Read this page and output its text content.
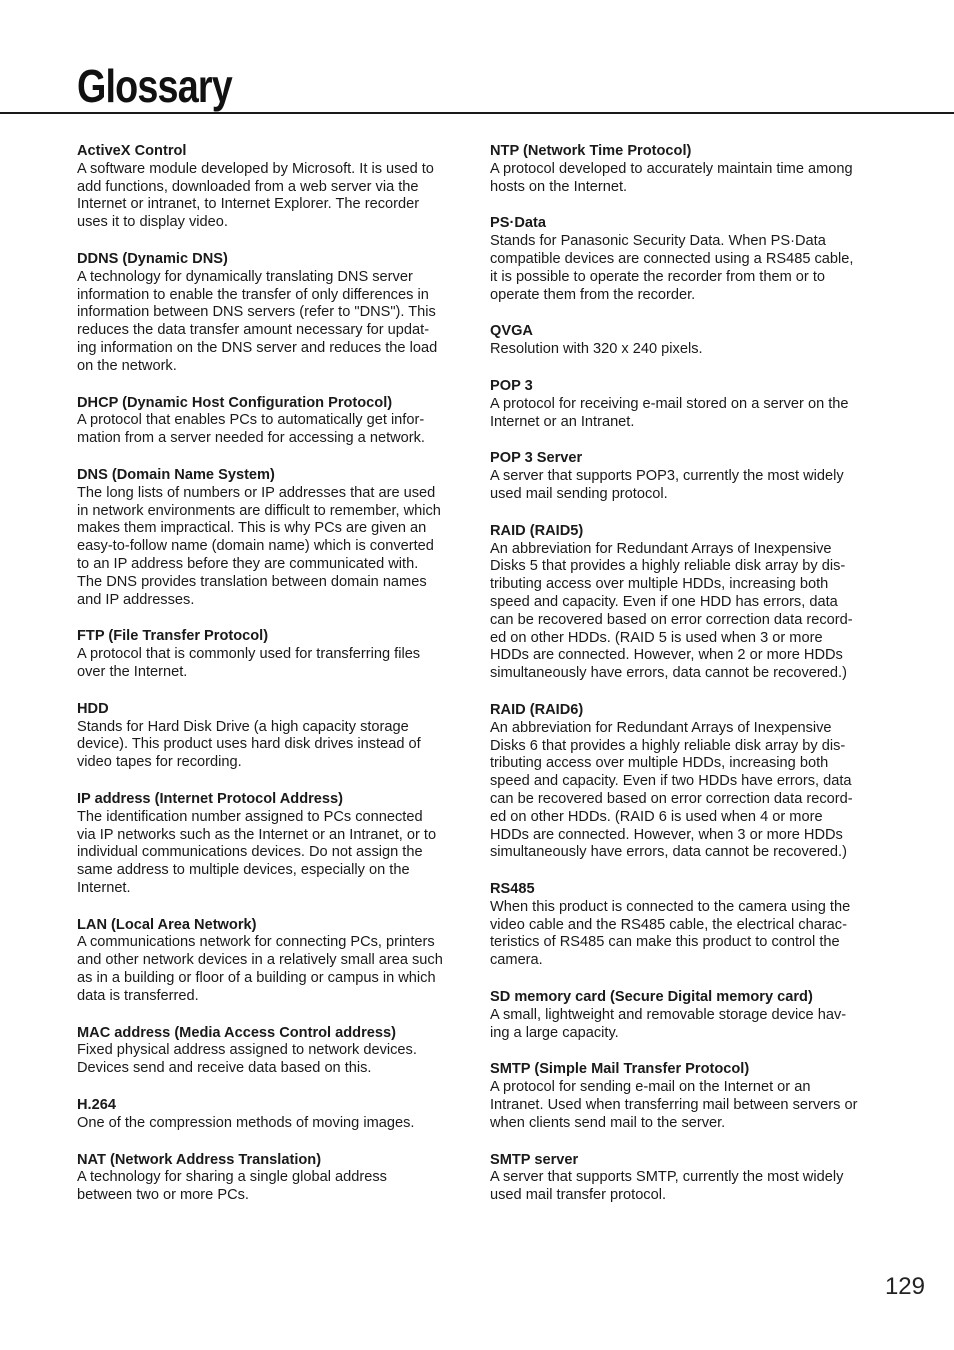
Glossary
ActiveX Control
A software module developed by Microsoft. It is used to
add functions, downloaded from a web server via the
Internet or intranet, to Internet Explorer. The recorder
uses it to display video.
DDNS (Dynamic DNS)
A technology for dynamically translating DNS server
information to enable the transfer of only differences in
information between DNS servers (refer to "DNS"). This
reduces the data transfer amount necessary for updat-
ing information on the DNS server and reduces the load
on the network.
DHCP (Dynamic Host Configuration Protocol)
A protocol that enables PCs to automatically get infor-
mation from a server needed for accessing a network.
DNS (Domain Name System)
The long lists of numbers or IP addresses that are used
in network environments are difficult to remember, which
makes them impractical. This is why PCs are given an
easy-to-follow name (domain name) which is converted
to an IP address before they are communicated with.
The DNS provides translation between domain names
and IP addresses.
FTP (File Transfer Protocol)
A protocol that is commonly used for transferring files
over the Internet.
HDD
Stands for Hard Disk Drive (a high capacity storage
device). This product uses hard disk drives instead of
video tapes for recording.
IP address (Internet Protocol Address)
The identification number assigned to PCs connected
via IP networks such as the Internet or an Intranet, or to
individual communications devices. Do not assign the
same address to multiple devices, especially on the
Internet.
LAN (Local Area Network)
A communications network for connecting PCs, printers
and other network devices in a relatively small area such
as in a building or floor of a building or campus in which
data is transferred.
MAC address (Media Access Control address)
Fixed physical address assigned to network devices.
Devices send and receive data based on this.
H.264
One of the compression methods of moving images.
NAT (Network Address Translation)
A technology for sharing a single global address
between two or more PCs.
NTP (Network Time Protocol)
A protocol developed to accurately maintain time among
hosts on the Internet.
PS·Data
Stands for Panasonic Security Data. When PS·Data
compatible devices are connected using a RS485 cable,
it is possible to operate the recorder from them or to
operate them from the recorder.
QVGA
Resolution with 320 x 240 pixels.
POP 3
A protocol for receiving e-mail stored on a server on the
Internet or an Intranet.
POP 3 Server
A server that supports POP3, currently the most widely
used mail sending protocol.
RAID (RAID5)
An abbreviation for Redundant Arrays of Inexpensive
Disks 5 that provides a highly reliable disk array by dis-
tributing access over multiple HDDs, increasing both
speed and capacity. Even if one HDD has errors, data
can be recovered based on error correction data record-
ed on other HDDs. (RAID 5 is used when 3 or more
HDDs are connected. However, when 2 or more HDDs
simultaneously have errors, data cannot be recovered.)
RAID (RAID6)
An abbreviation for Redundant Arrays of Inexpensive
Disks 6 that provides a highly reliable disk array by dis-
tributing access over multiple HDDs, increasing both
speed and capacity. Even if two HDDs have errors, data
can be recovered based on error correction data record-
ed on other HDDs. (RAID 6 is used when 4 or more
HDDs are connected. However, when 3 or more HDDs
simultaneously have errors, data cannot be recovered.)
RS485
When this product is connected to the camera using the
video cable and the RS485 cable, the electrical charac-
teristics of RS485 can make this product to control the
camera.
SD memory card (Secure Digital memory card)
A small, lightweight and removable storage device hav-
ing a large capacity.
SMTP (Simple Mail Transfer Protocol)
A protocol for sending e-mail on the Internet or an
Intranet. Used when transferring mail between servers or
when clients send mail to the server.
SMTP server
A server that supports SMTP, currently the most widely
used mail transfer protocol.
129
